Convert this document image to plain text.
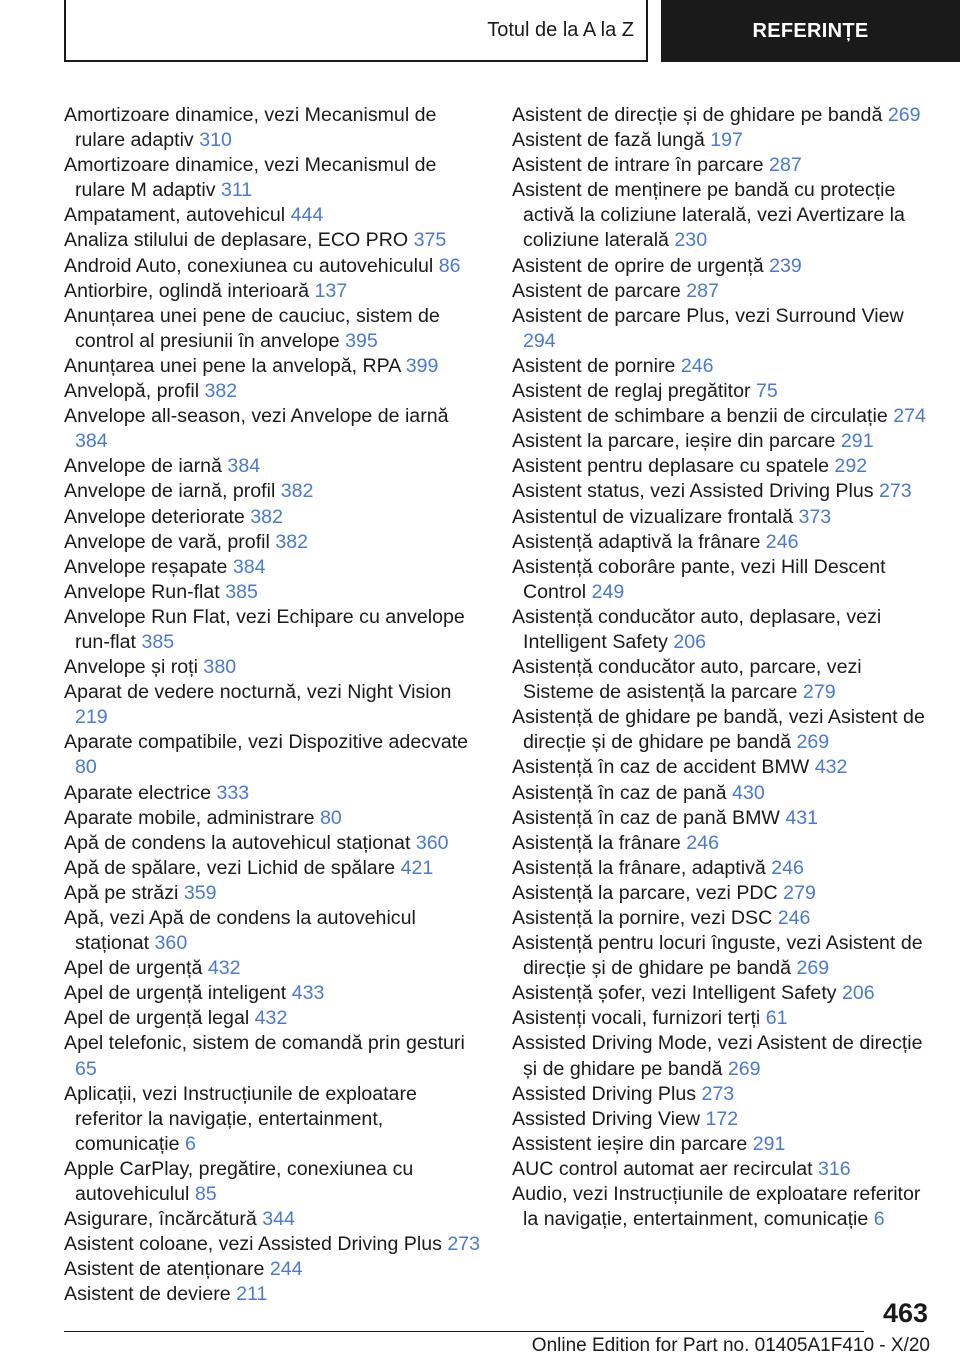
Totul de la A la Z	REFERINȚE
Amortizoare dinamice, vezi Mecanismul de rulare adaptiv 310
Amortizoare dinamice, vezi Mecanismul de rulare M adaptiv 311
Ampatament, autovehicul 444
Analiza stilului de deplasare, ECO PRO 375
Android Auto, conexiunea cu autovehiculul 86
Antiorbire, oglindă interioară 137
Anunțarea unei pene de cauciuc, sistem de control al presiunii în anvelope 395
Anunțarea unei pene la anvelopă, RPA 399
Anvelopă, profil 382
Anvelope all-season, vezi Anvelope de iarnă 384
Anvelope de iarnă 384
Anvelope de iarnă, profil 382
Anvelope deteriorate 382
Anvelope de vară, profil 382
Anvelope reșapate 384
Anvelope Run-flat 385
Anvelope Run Flat, vezi Echipare cu anvelope run-flat 385
Anvelope și roți 380
Aparat de vedere nocturnă, vezi Night Vision 219
Aparate compatibile, vezi Dispozitive adecvate 80
Aparate electrice 333
Aparate mobile, administrare 80
Apă de condens la autovehicul staționat 360
Apă de spălare, vezi Lichid de spălare 421
Apă pe străzi 359
Apă, vezi Apă de condens la autovehicul staționat 360
Apel de urgență 432
Apel de urgență inteligent 433
Apel de urgență legal 432
Apel telefonic, sistem de comandă prin gesturi 65
Aplicații, vezi Instrucțiunile de exploatare referitor la navigație, entertainment, comunicație 6
Apple CarPlay, pregătire, conexiunea cu autovehiculul 85
Asigurare, încărcătură 344
Asistent coloane, vezi Assisted Driving Plus 273
Asistent de atenționare 244
Asistent de deviere 211
Asistent de direcție și de ghidare pe bandă 269
Asistent de fază lungă 197
Asistent de intrare în parcare 287
Asistent de menținere pe bandă cu protecție activă la coliziune laterală, vezi Avertizare la coliziune laterală 230
Asistent de oprire de urgență 239
Asistent de parcare 287
Asistent de parcare Plus, vezi Surround View 294
Asistent de pornire 246
Asistent de reglaj pregătitor 75
Asistent de schimbare a benzii de circulație 274
Asistent la parcare, ieșire din parcare 291
Asistent pentru deplasare cu spatele 292
Asistent status, vezi Assisted Driving Plus 273
Asistentul de vizualizare frontală 373
Asistență adaptivă la frânare 246
Asistență coborâre pante, vezi Hill Descent Control 249
Asistență conducător auto, deplasare, vezi Intelligent Safety 206
Asistență conducător auto, parcare, vezi Sisteme de asistență la parcare 279
Asistență de ghidare pe bandă, vezi Asistent de direcție și de ghidare pe bandă 269
Asistență în caz de accident BMW 432
Asistență în caz de pană 430
Asistență în caz de pană BMW 431
Asistență la frânare 246
Asistență la frânare, adaptivă 246
Asistență la parcare, vezi PDC 279
Asistență la pornire, vezi DSC 246
Asistență pentru locuri înguste, vezi Asistent de direcție și de ghidare pe bandă 269
Asistență șofer, vezi Intelligent Safety 206
Asistenți vocali, furnizori terți 61
Assisted Driving Mode, vezi Asistent de direcție și de ghidare pe bandă 269
Assisted Driving Plus 273
Assisted Driving View 172
Assistent ieșire din parcare 291
AUC control automat aer recirculat 316
Audio, vezi Instrucțiunile de exploatare referitor la navigație, entertainment, comunicație 6
463
Online Edition for Part no. 01405A1F410 - X/20
